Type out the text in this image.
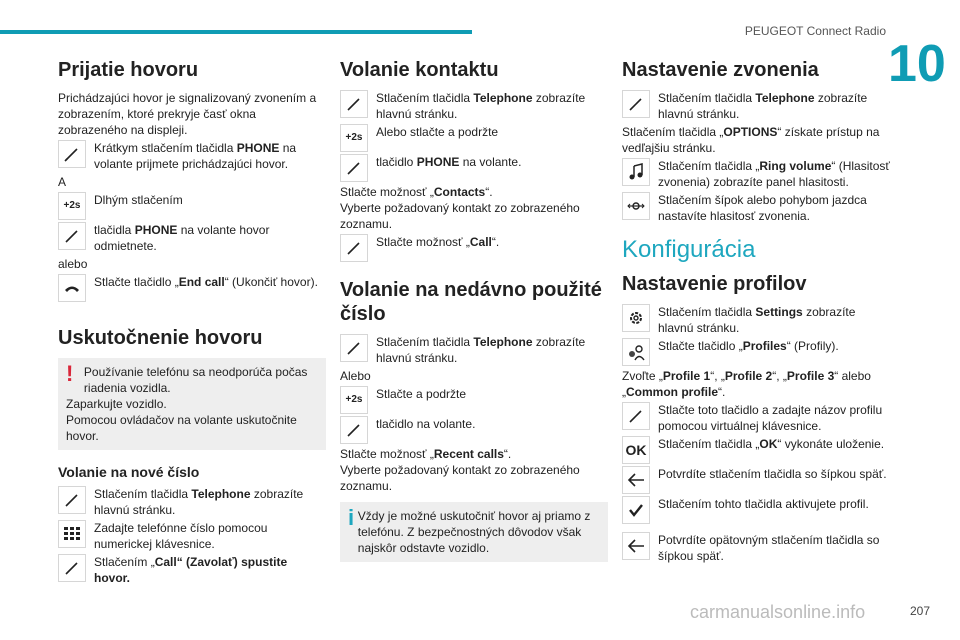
PEUGEOT Connect Radio
10
Prijatie hovoru

Prichádzajúci hovor je signalizovaný zvonením a zobrazením, ktoré prekryje časť okna zobrazeného na displeji.

Krátkym stlačením tlačidla PHONE na volante prijmete prichádzajúci hovor.

A

+2s Dlhým stlačením

tlačidla PHONE na volante hovor odmietnete.

alebo

Stlačte tlačidlo „End call“ (Ukončiť hovor).

Uskutočnenie hovoru
! Používanie telefónu sa neodporúča počas riadenia vozidla.

Zaparkujte vozidlo.

Pomocou ovládačov na volante uskutočnite hovor.

Volanie na nové číslo

Stlačením tlačidla Telephone zobrazíte hlavnú stránku.

Zadajte telefónne číslo pomocou numerickej klávesnice.

Stlačením „Call“ (Zavolať) spustite hovor.

Volanie kontaktu

Stlačením tlačidla Telephone zobrazíte hlavnú stránku.

+2s Alebo stlačte a podržte

tlačidlo PHONE na volante.

Stlačte možnosť „Contacts“.

Vyberte požadovaný kontakt zo zobrazeného zoznamu.

Stlačte možnosť „Call“.

Volanie na nedávno použité číslo

Stlačením tlačidla Telephone zobrazíte hlavnú stránku.

Alebo

+2s Stlačte a podržte

tlačidlo na volante.

Stlačte možnosť „Recent calls“.

Vyberte požadovaný kontakt zo zobrazeného zoznamu.

i Vždy je možné uskutočniť hovor aj priamo z telefónu. Z bezpečnostných dôvodov však najskôr odstavte vozidlo.

Nastavenie zvonenia

Stlačením tlačidla Telephone zobrazíte hlavnú stránku.

Stlačením tlačidla „OPTIONS“ získate prístup na vedľajšiu stránku.

Stlačením tlačidla „Ring volume“ (Hlasitosť zvonenia) zobrazíte panel hlasitosti.

Stlačením šípok alebo pohybom jazdca nastavíte hlasitosť zvonenia.

Konfigurácia
Nastavenie profilov

Stlačením tlačidla Settings zobrazíte hlavnú stránku.

Stlačte tlačidlo „Profiles“ (Profily).

Zvoľte „Profile 1“, „Profile 2“, „Profile 3“ alebo „Common profile“.

Stlačte toto tlačidlo a zadajte názov profilu pomocou virtuálnej klávesnice.

OK Stlačením tlačidla „OK“ vykonáte uloženie.

Potvrdíte stlačením tlačidla so šípkou späť.

Stlačením tohto tlačidla aktivujete profil.

Potvrdíte opätovným stlačením tlačidla so šípkou späť.

carmanualsonline.info	207
